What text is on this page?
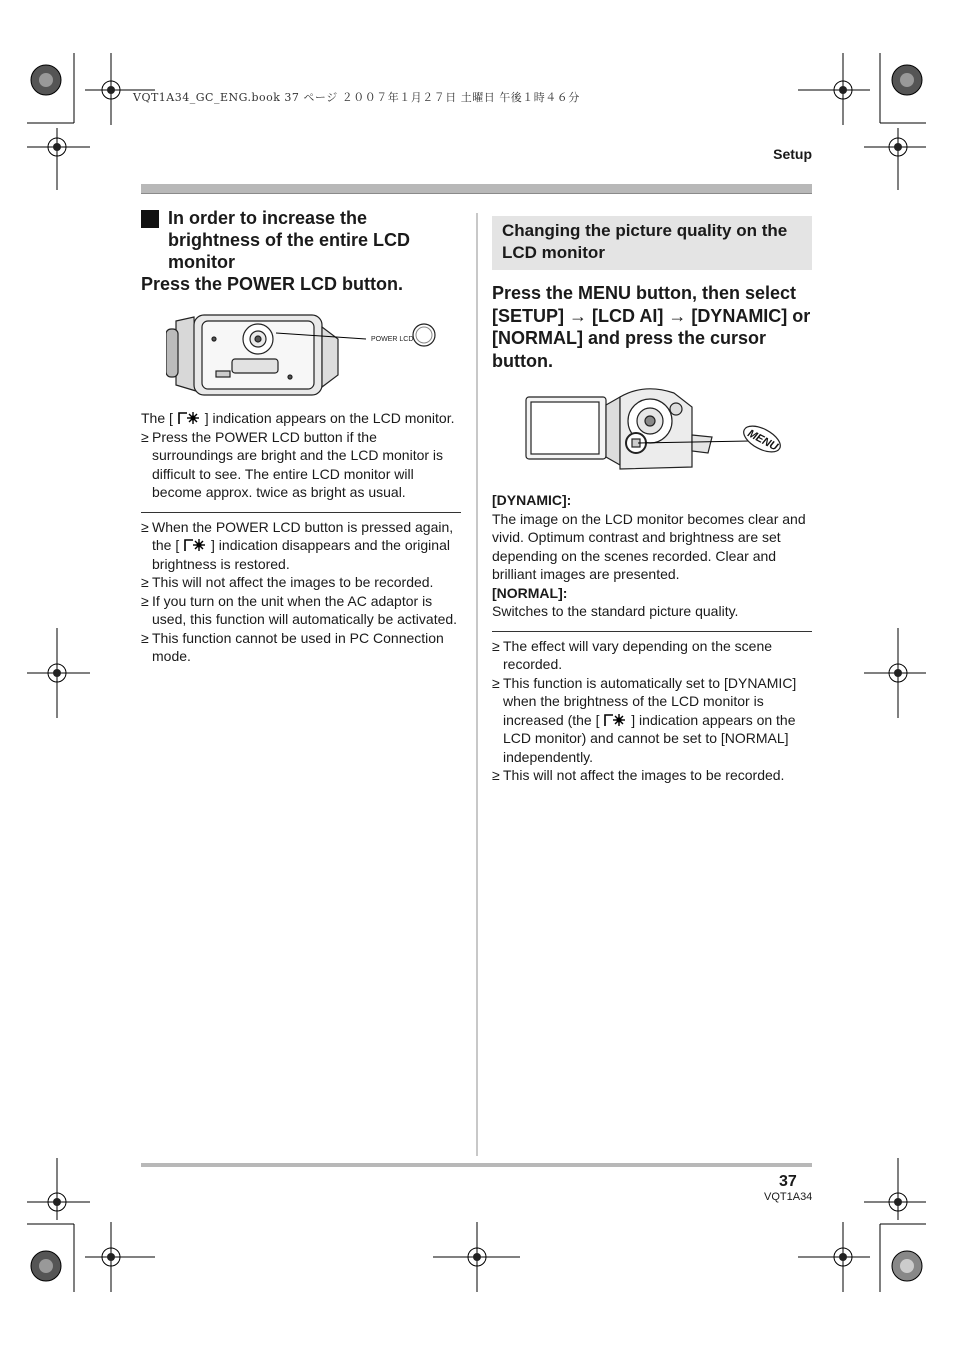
VQT1A34_GC_ENG.book 37 ページ ２００７年１月２７日 土曜日 午後１時４６分
Setup
In order to increase the brightness of the entire LCD monitor
Press the POWER LCD button.
POWER LCD
The [ ] indication appears on the LCD monitor.
≥ Press the POWER LCD button if the surroundings are bright and the LCD monitor is difficult to see. The entire LCD monitor will become approx. twice as bright as usual.
≥ When the POWER LCD button is pressed again, the [ ] indication disappears and the original brightness is restored.
≥ This will not affect the images to be recorded.
≥ If you turn on the unit when the AC adaptor is used, this function will automatically be activated.
≥ This function cannot be used in PC Connection mode.
Changing the picture quality on the LCD monitor
Press the MENU button, then select [SETUP] → [LCD AI] → [DYNAMIC] or [NORMAL] and press the cursor button.
MENU
[DYNAMIC]:
The image on the LCD monitor becomes clear and vivid. Optimum contrast and brightness are set depending on the scenes recorded. Clear and brilliant images are presented.
[NORMAL]:
Switches to the standard picture quality.
≥ The effect will vary depending on the scene recorded.
≥ This function is automatically set to [DYNAMIC] when the brightness of the LCD monitor is increased (the [ ] indication appears on the LCD monitor) and cannot be set to [NORMAL] independently.
≥ This will not affect the images to be recorded.
37
VQT1A34
